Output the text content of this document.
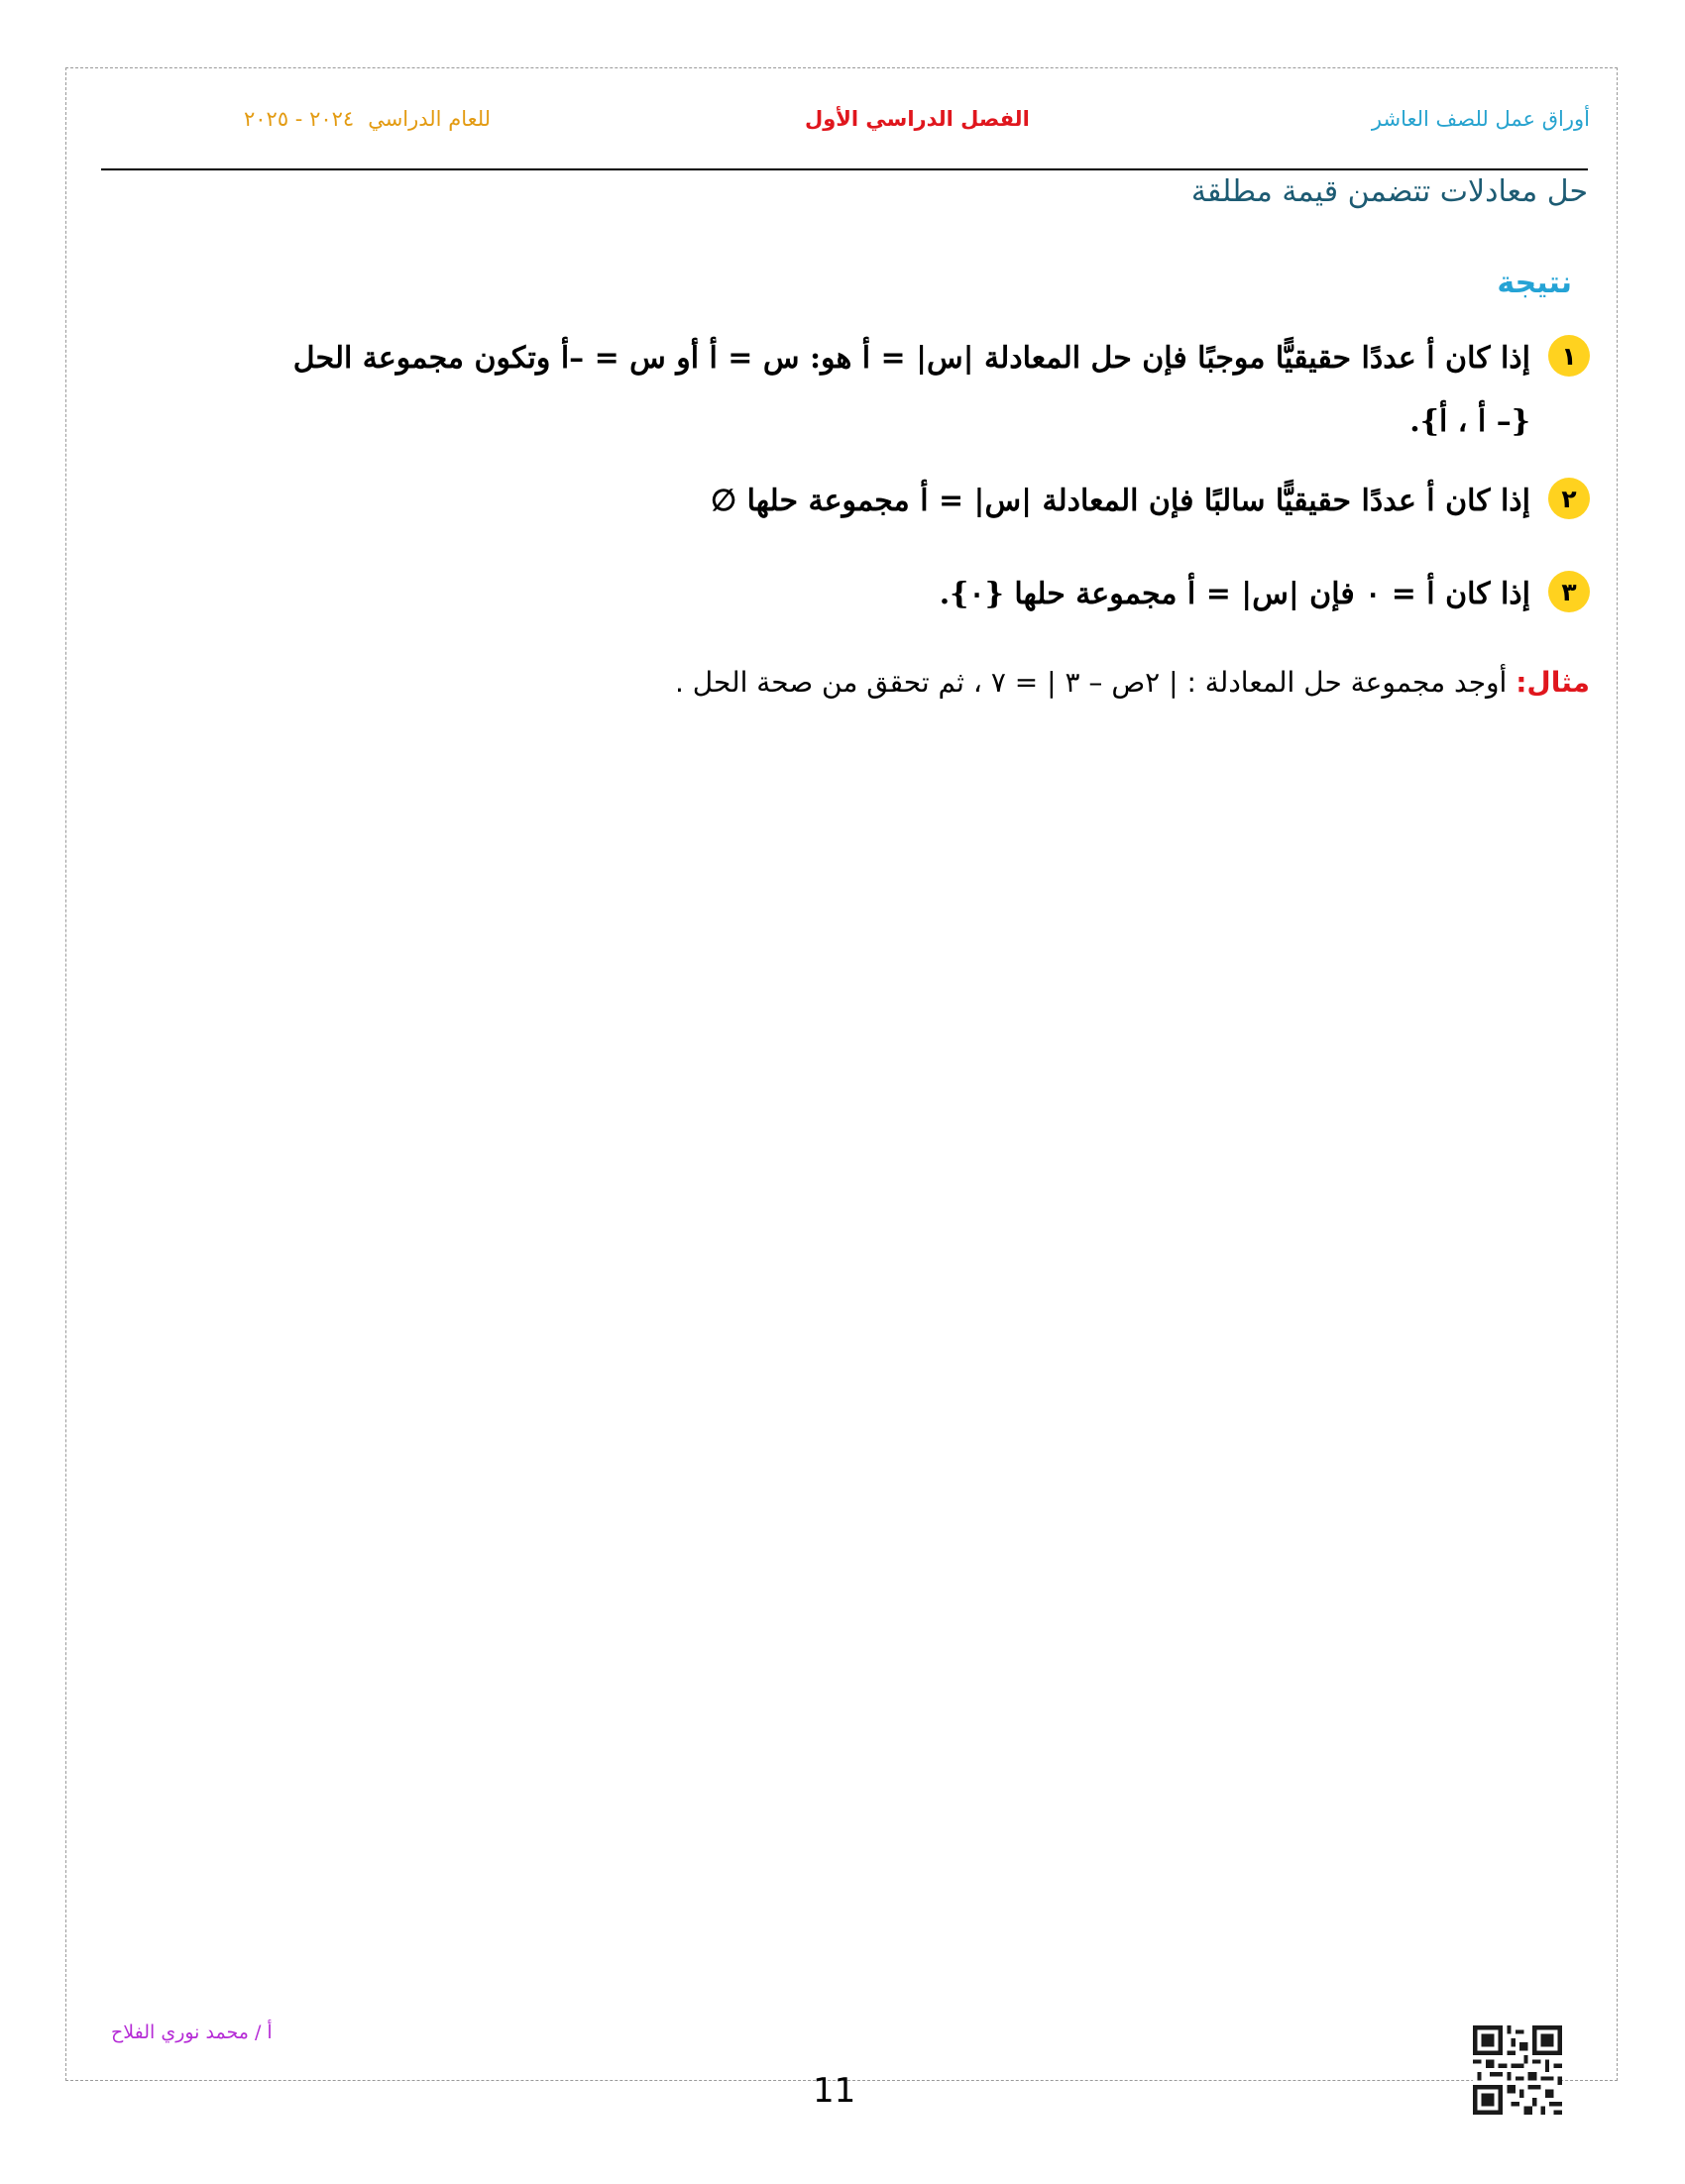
أوراق عمل للصف العاشر
الفصل الدراسي الأول
للعام الدراسي٢٠٢٤ - ٢٠٢٥
حل معادلات تتضمن قيمة مطلقة
نتيجة
١
إذا كان ﺃ عددًا حقيقيًّا موجبًا فإن حل المعادلة |س| = ﺃ هو: س = ﺃ أو س = –ﺃ وتكون مجموعة الحل {– ﺃ ، ﺃ}.
٢
إذا كان ﺃ عددًا حقيقيًّا سالبًا فإن المعادلة |س| = ﺃ مجموعة حلها ∅
٣
إذا كان ﺃ = ٠ فإن |س| = ﺃ مجموعة حلها {٠}.
مثال: أوجد مجموعة حل المعادلة : | ٢ص – ٣ | = ٧ ، ثم تحقق من صحة الحل .
أ / محمد نوري الفلاح
11
